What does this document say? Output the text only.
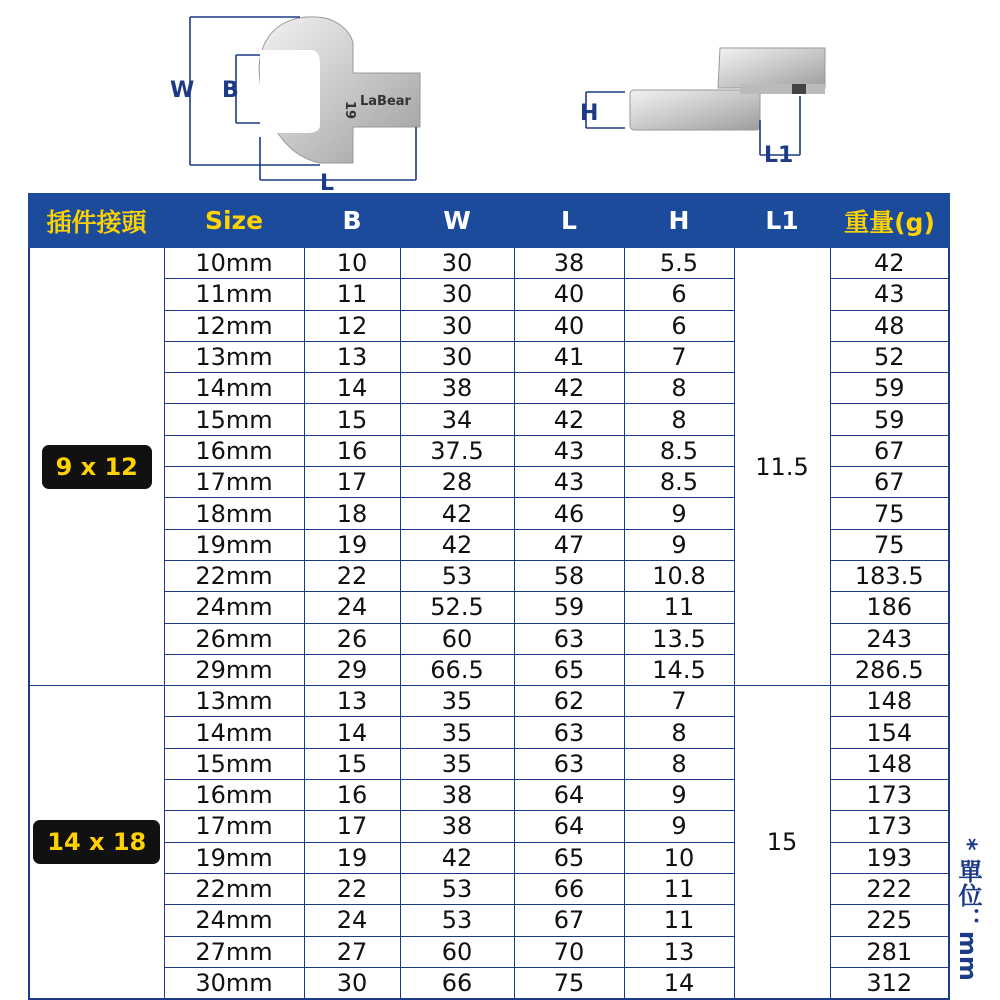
19 LaBear
W B
L
H
L1
插件接頭	Size	B	W	L	H	L1	重量(g)
9 x 12	10mm	10	30	38	5.5	11.5	42
	11mm	11	30	40	6		43
	12mm	12	30	40	6		48
	13mm	13	30	41	7		52
	14mm	14	38	42	8		59
	15mm	15	34	42	8		59
	16mm	16	37.5	43	8.5		67
	17mm	17	28	43	8.5		67
	18mm	18	42	46	9		75
	19mm	19	42	47	9		75
	22mm	22	53	58	10.8		183.5
	24mm	24	52.5	59	11		186
	26mm	26	60	63	13.5		243
	29mm	29	66.5	65	14.5		286.5
14 x 18	13mm	13	35	62	7	15	148
	14mm	14	35	63	8		154
	15mm	15	35	63	8		148
	16mm	16	38	64	9		173
	17mm	17	38	64	9		173
	19mm	19	42	65	10		193
	22mm	22	53	66	11		222
	24mm	24	53	67	11		225
	27mm	27	60	70	13		281
	30mm	30	66	75	14		312
* 單位：mm
